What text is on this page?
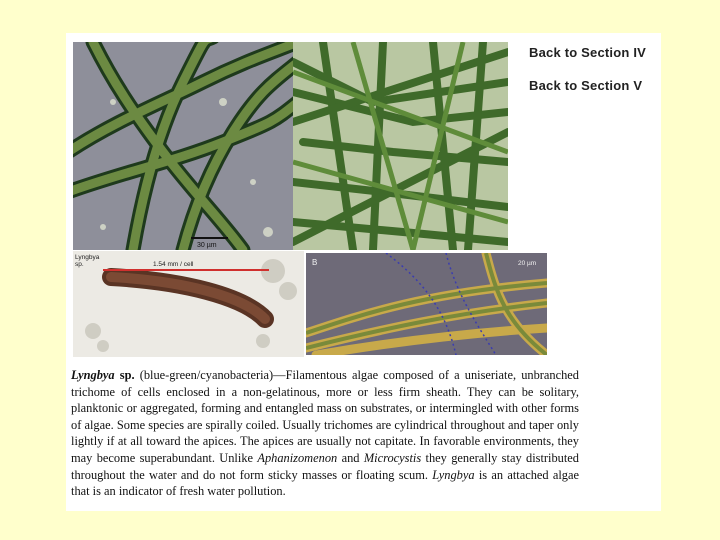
30 µm
Lyngbya sp.	1.54 mm / cell	B	20 µm
Back to Section IV
Back to Section V
Lyngbya sp. (blue-green/cyanobacteria)—Filamentous algae composed of a uniseriate, unbranched trichome of cells enclosed in a non-gelatinous, more or less firm sheath. They can be solitary, planktonic or aggregated, forming and entangled mass on substrates, or intermingled with other forms of algae. Some species are spirally coiled. Usually trichomes are cylindrical throughout and taper only lightly if at all toward the apices. The apices are usually not capitate. In favorable environments, they may become superabundant. Unlike Aphanizomenon and Microcystis they generally stay distributed throughout the water and do not form sticky masses or floating scum. Lyngbya is an attached algae that is an indicator of fresh water pollution.
